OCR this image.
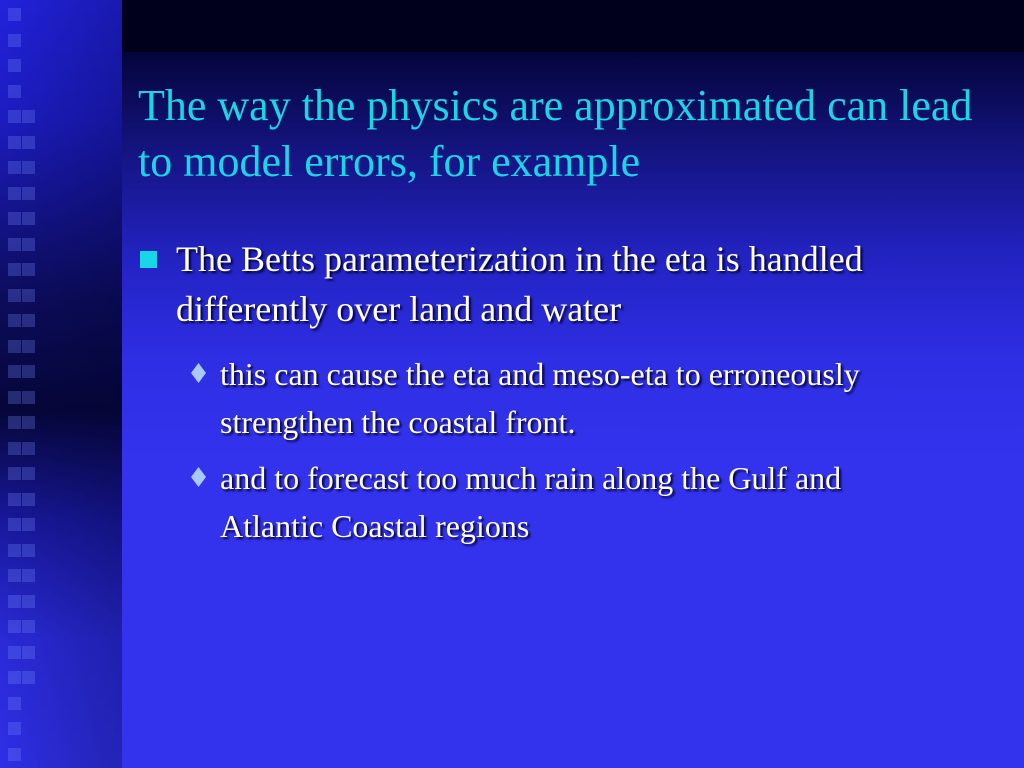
The way the physics are approximated can lead to model errors, for example
The Betts parameterization in the eta is handled differently over land and water
this can cause the eta and meso-eta to erroneously strengthen the coastal front.
and to forecast too much rain along the Gulf and Atlantic Coastal regions
